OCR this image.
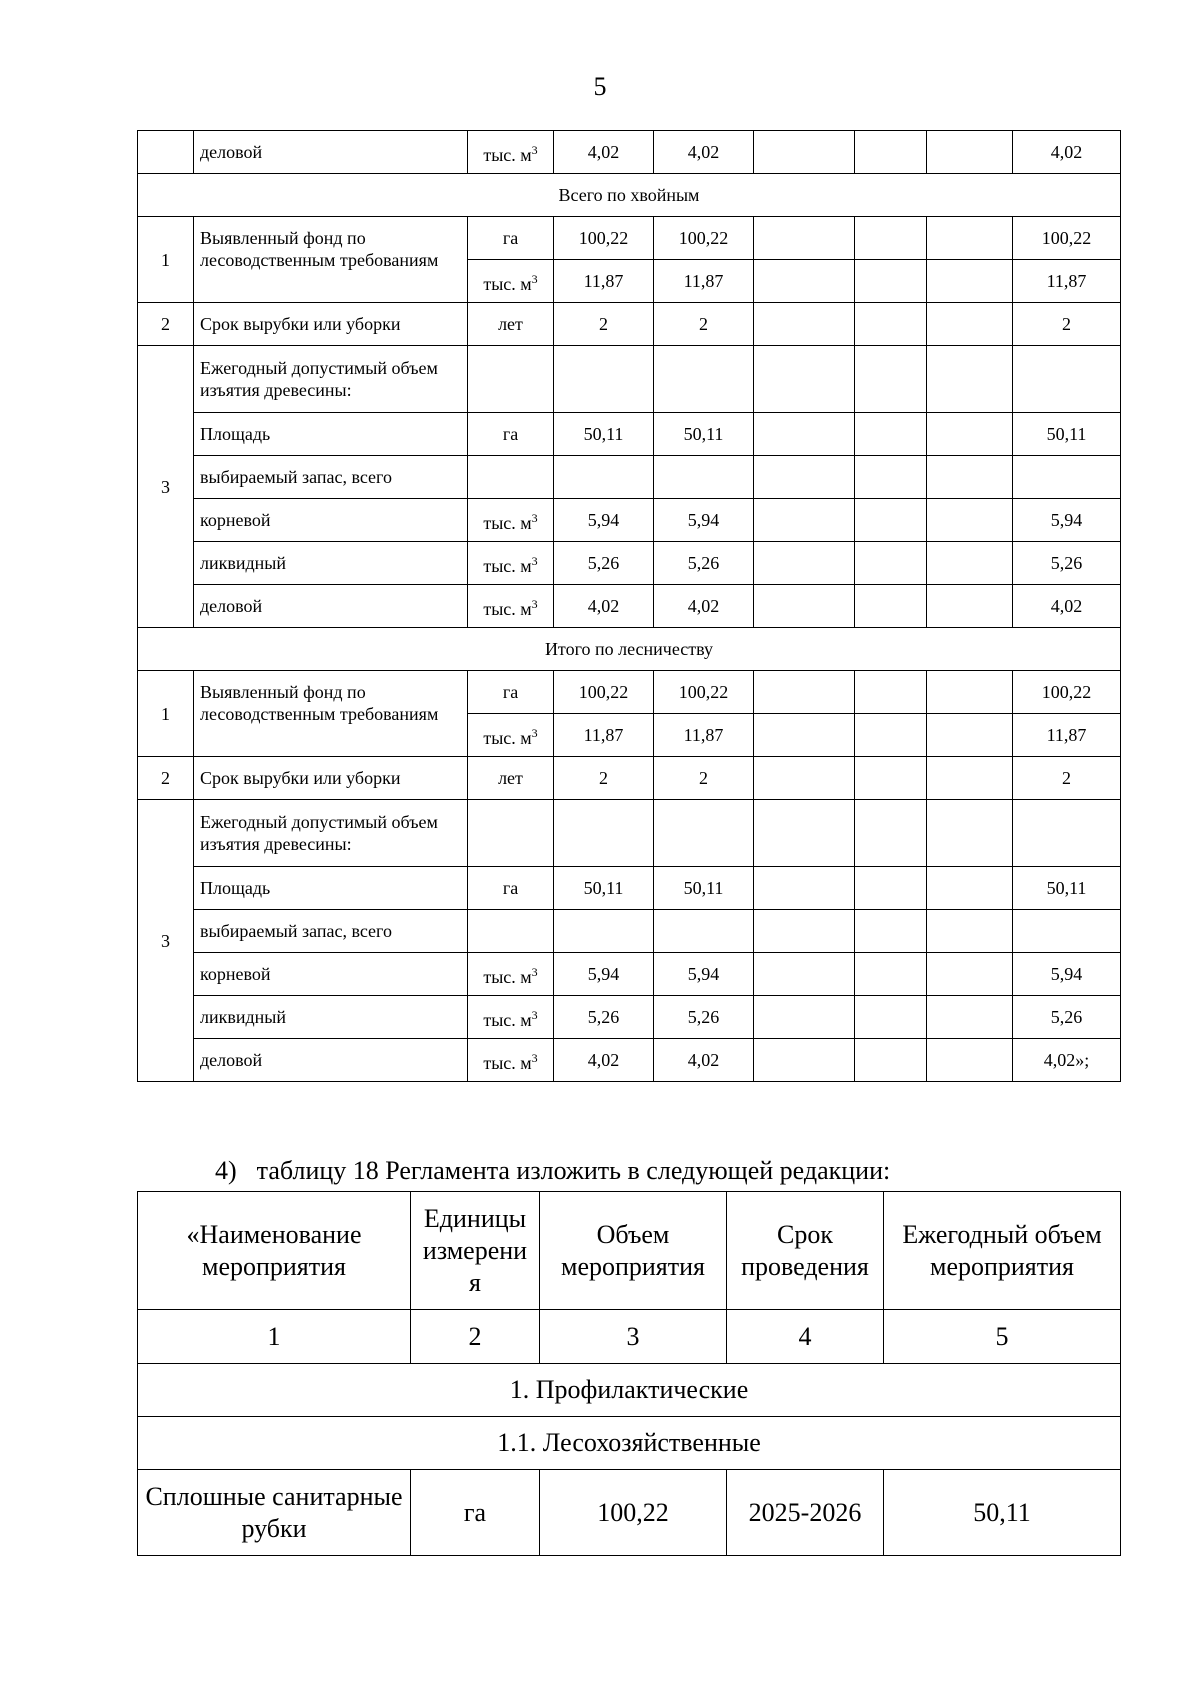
5
	деловой	тыс. $м^3$	4,02	4,02				4,02
Всего по хвойным								
1	Выявленный фонд по лесоводственным требованиям	га	100,22	100,22				100,22
		тыс. $м^3$	11,87	11,87				11,87
2	Срок вырубки или уборки	лет	2	2				2
3	Ежегодный допустимый объем изъятия древесины:							
	Площадь	га	50,11	50,11				50,11
	выбираемый запас, всего							
	корневой	тыс. $м^3$	5,94	5,94				5,94
	ликвидный	тыс. $м^3$	5,26	5,26				5,26
	деловой	тыс. $м^3$	4,02	4,02				4,02
Итого по лесничеству								
1	Выявленный фонд по лесоводственным требованиям	га	100,22	100,22				100,22
		тыс. $м^3$	11,87	11,87				11,87
2	Срок вырубки или уборки	лет	2	2				2
3	Ежегодный допустимый объем изъятия древесины:							
	Площадь	га	50,11	50,11				50,11
	выбираемый запас, всего							
	корневой	тыс. $м^3$	5,94	5,94				5,94
	ликвидный	тыс. $м^3$	5,26	5,26				5,26
	деловой	тыс. $м^3$	4,02	4,02				4,02»;
4) таблицу 18 Регламента изложить в следующей редакции:
«Наименование мероприятия	Единицы измерени я	Объем мероприятия	Срок проведения	Ежегодный объем мероприятия
1	2	3	4	5
1. Профилактические				
1.1. Лесохозяйственные				
Сплошные санитарные рубки	га	100,22	2025-2026	50,11
